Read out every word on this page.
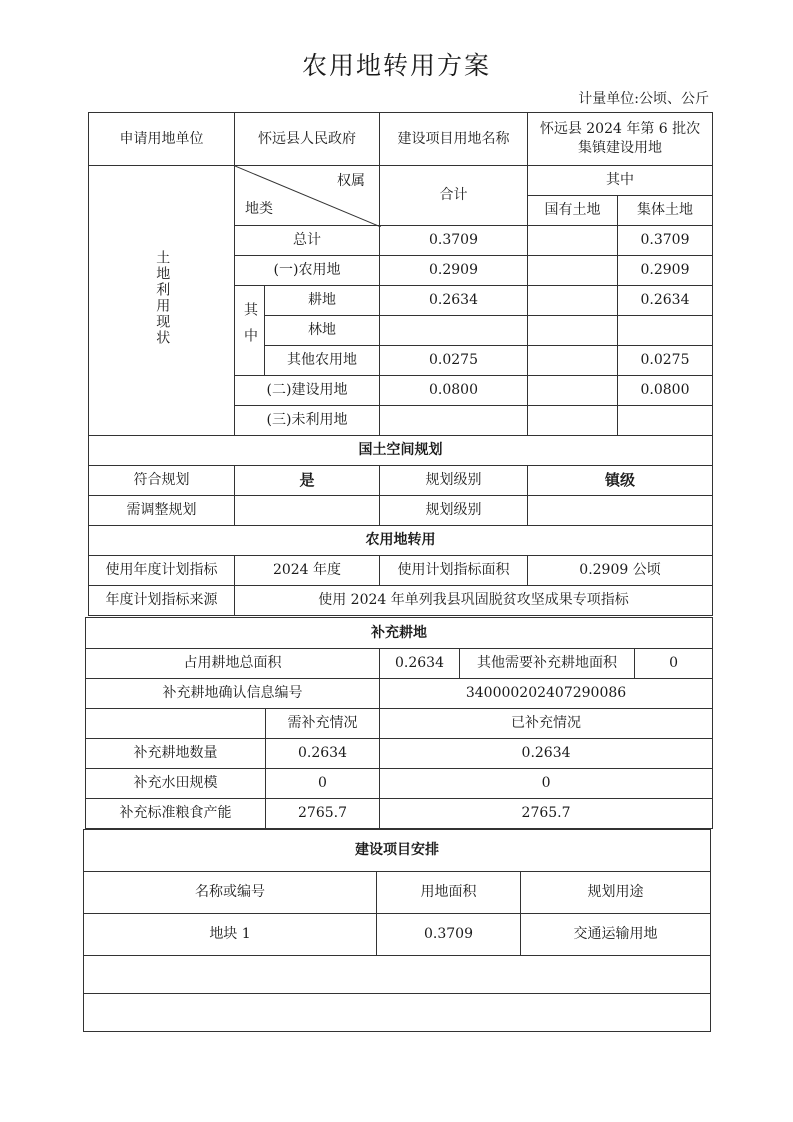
农用地转用方案
计量单位:公顷、公斤
申请用地单位	怀远县人民政府		建设项目用地名称	怀远县 2024 年第 6 批次
集镇建设用地	
土地利用现状	权属
地类		合计	其中	
				国有土地	集体土地
	总计		0.3709		0.3709
	(一)农用地		0.2909		0.2909
	其中	耕地	0.2634		0.2634
		林地			
		其他农用地	0.0275		0.0275
	(二)建设用地		0.0800		0.0800
	(三)未利用地				
国土空间规划					
符合规划	是		规划级别	镇级	
需调整规划			规划级别		
农用地转用					
使用年度计划指标	2024 年度		使用计划指标面积	0.2909 公顷	
年度计划指标来源	使用 2024 年单列我县巩固脱贫攻坚成果专项指标				
补充耕地				
占用耕地总面积		0.2634	其他需要补充耕地面积	0
补充耕地确认信息编号		340000202407290086		
	需补充情况	已补充情况		
补充耕地数量	0.2634	0.2634		
补充水田规模	0	0		
补充标准粮食产能	2765.7	2765.7		
建设项目安排		
名称或编号	用地面积	规划用途
地块 1	0.3709	交通运输用地
